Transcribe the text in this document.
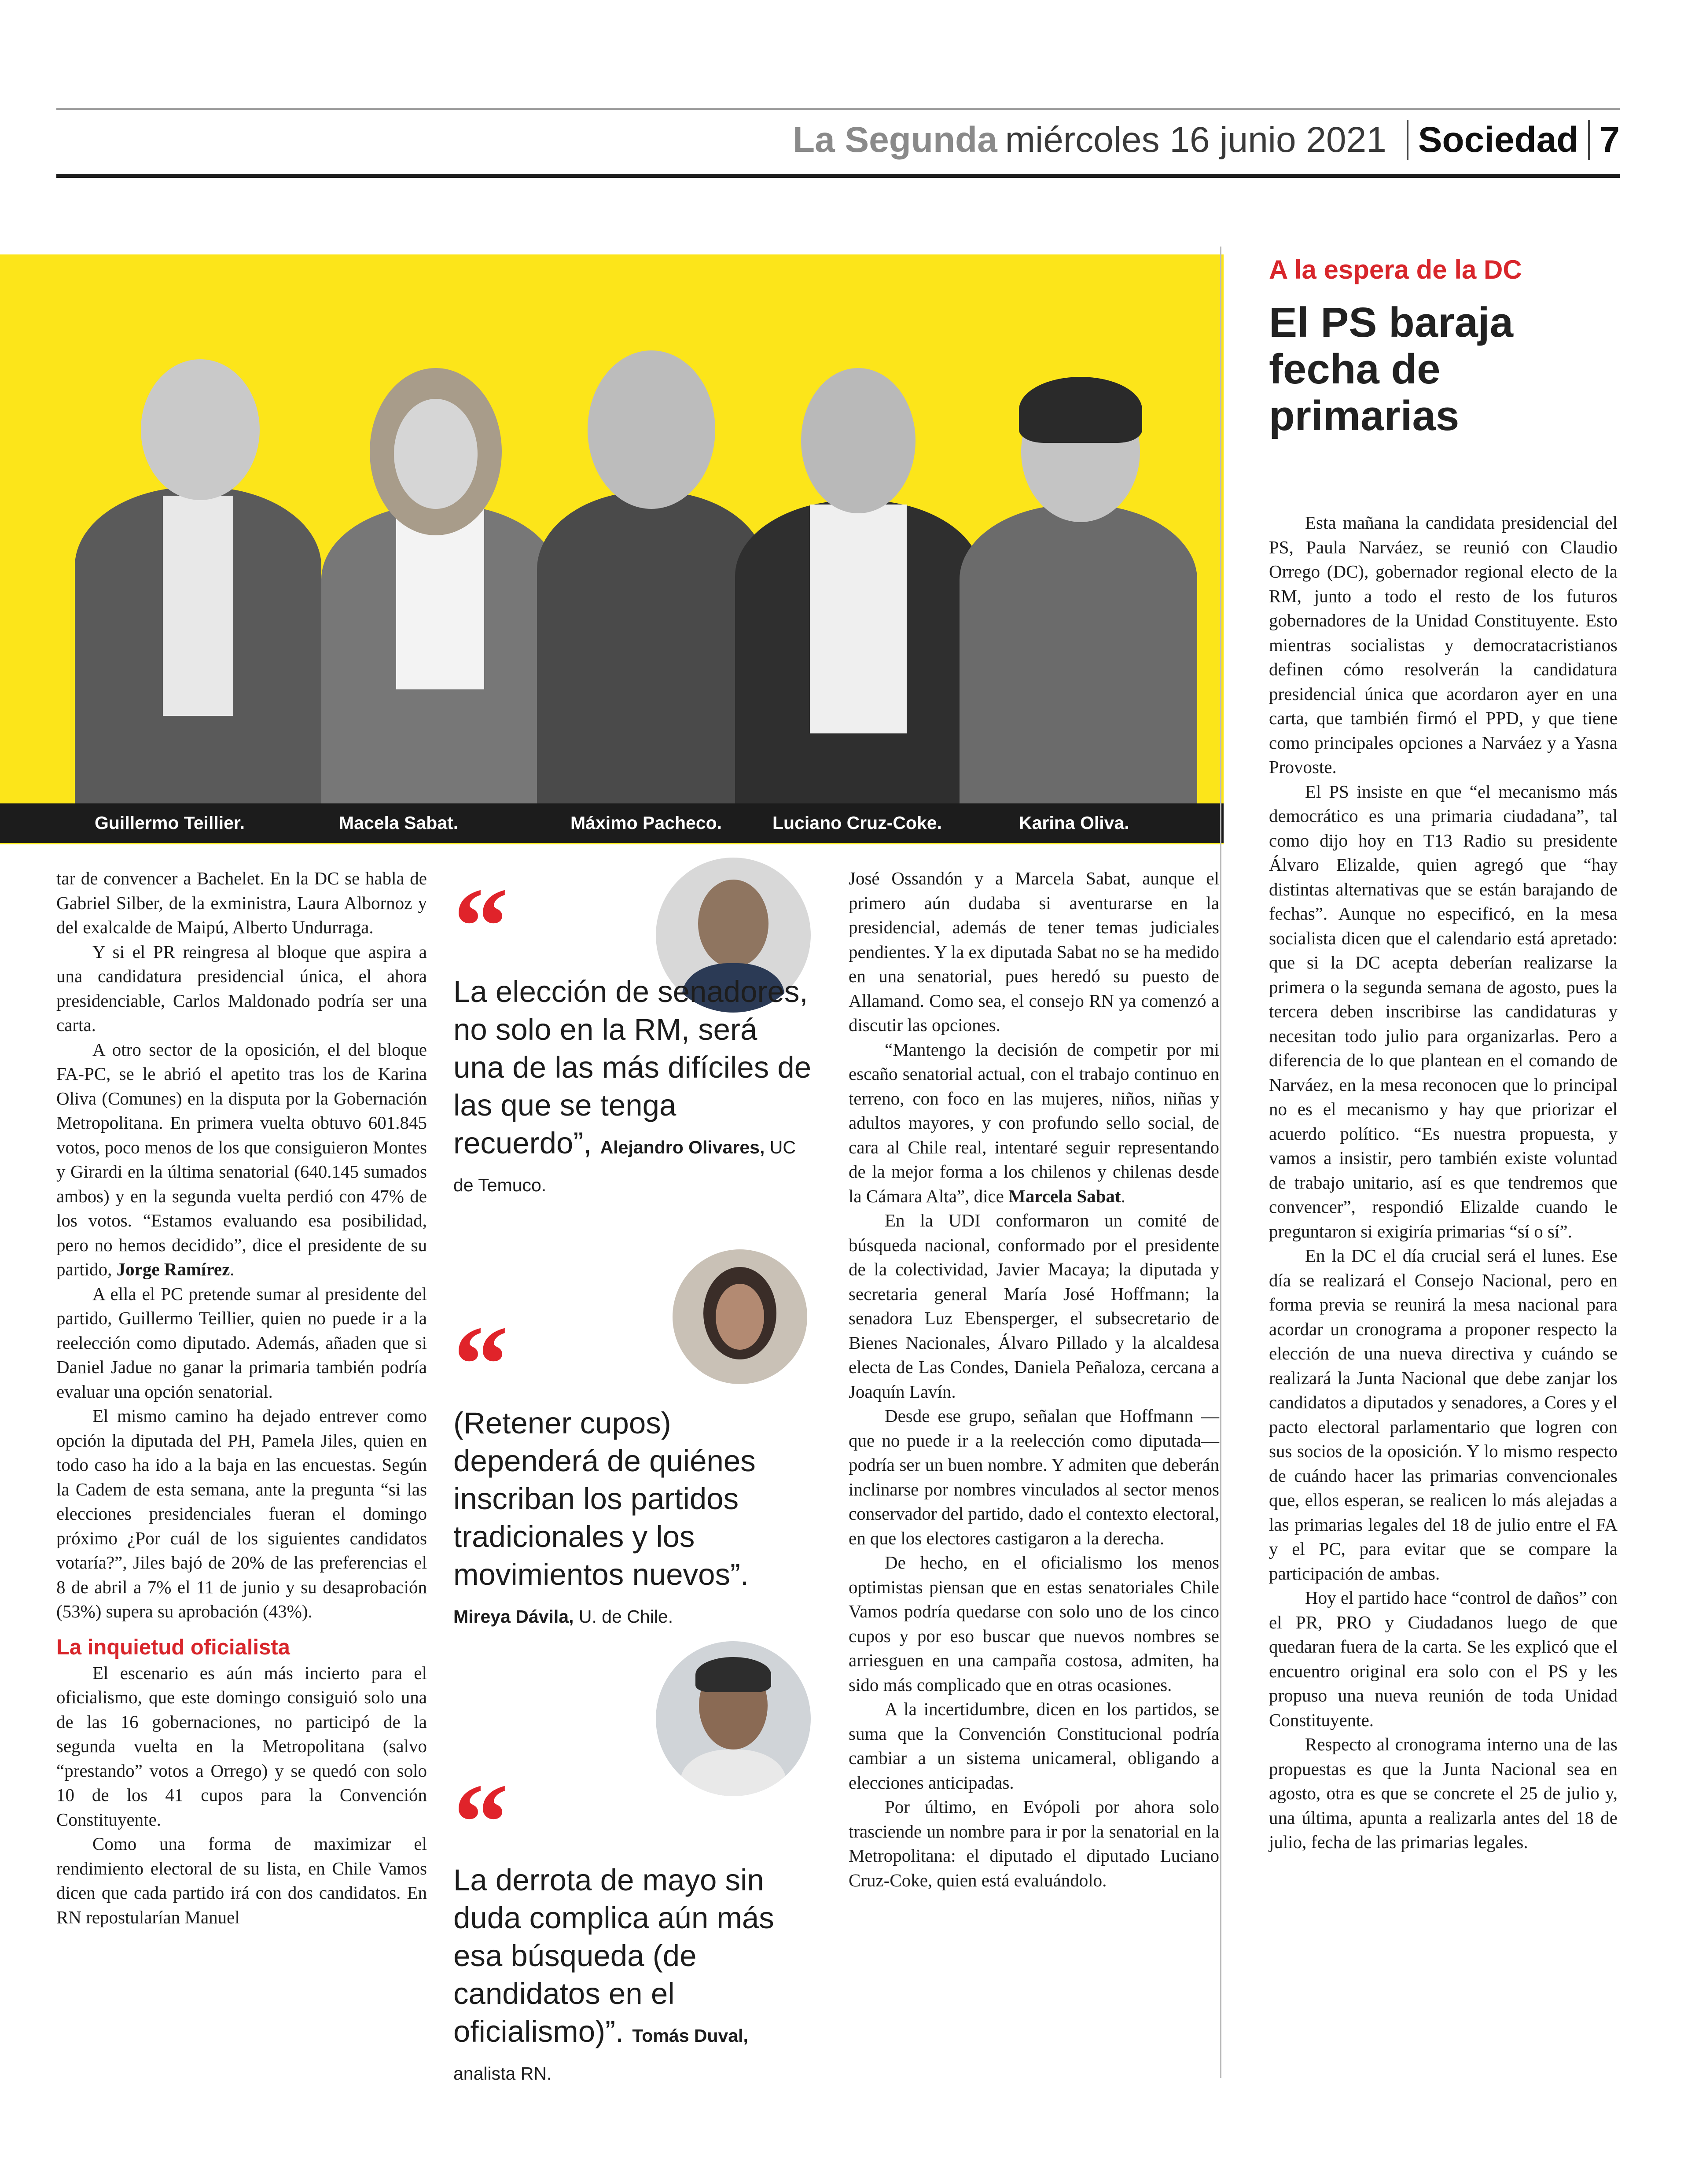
La Segunda miércoles 16 junio 2021 Sociedad 7
Guillermo Teillier.	Macela Sabat.	Máximo Pacheco.	Luciano Cruz-Coke.	Karina Oliva.

tar de convencer a Bachelet. En la DC se habla de Gabriel Silber, de la exministra, Laura Albornoz y del exalcalde de Maipú, Alberto Undurraga.

Y si el PR reingresa al bloque que aspira a una candidatura presidencial única, el ahora presidenciable, Carlos Maldonado podría ser una carta.

A otro sector de la oposición, el del bloque FA-PC, se le abrió el apetito tras los de Karina Oliva (Comunes) en la disputa por la Gobernación Metropolitana. En primera vuelta obtuvo 601.845 votos, poco menos de los que consiguieron Montes y Girardi en la última senatorial (640.145 sumados ambos) y en la segunda vuelta perdió con 47% de los votos. “Estamos evaluando esa posibilidad, pero no hemos decidido”, dice el presidente de su partido, Jorge Ramírez.

A ella el PC pretende sumar al presidente del partido, Guillermo Teillier, quien no puede ir a la reelección como diputado. Además, añaden que si Daniel Jadue no ganar la primaria también podría evaluar una opción senatorial.

El mismo camino ha dejado entrever como opción la diputada del PH, Pamela Jiles, quien en todo caso ha ido a la baja en las encuestas. Según la Cadem de esta semana, ante la pregunta “si las elecciones presidenciales fueran el domingo próximo ¿Por cuál de los siguientes candidatos votaría?”, Jiles bajó de 20% de las preferencias el 8 de abril a 7% el 11 de junio y su desaprobación (53%) supera su aprobación (43%).

La inquietud oficialista

El escenario es aún más incierto para el oficialismo, que este domingo consiguió solo una de las 16 gobernaciones, no participó de la segunda vuelta en la Metropolitana (salvo “prestando” votos a Orrego) y se quedó con solo 10 de los 41 cupos para la Convención Constituyente.

Como una forma de maximizar el rendimiento electoral de su lista, en Chile Vamos dicen que cada partido irá con dos candidatos. En RN repostularían Manuel

“
La elección de senadores, no solo en la RM, será una de las más difíciles de las que se tenga recuerdo”, Alejandro Olivares, UC de Temuco.
“
(Retener cupos) dependerá de quiénes inscriban los partidos tradicionales y los movimientos nuevos”.
Mireya Dávila, U. de Chile.
“
La derrota de mayo sin duda complica aún más esa búsqueda (de candidatos en el oficialismo)”. Tomás Duval, analista RN.

José Ossandón y a Marcela Sabat, aunque el primero aún dudaba si aventurarse en la presidencial, además de tener temas judiciales pendientes. Y la ex diputada Sabat no se ha medido en una senatorial, pues heredó su puesto de Allamand. Como sea, el consejo RN ya comenzó a discutir las opciones.

“Mantengo la decisión de competir por mi escaño senatorial actual, con el trabajo continuo en terreno, con foco en las mujeres, niños, niñas y adultos mayores, y con profundo sello social, de cara al Chile real, intentaré seguir representando de la mejor forma a los chilenos y chilenas desde la Cámara Alta”, dice Marcela Sabat.

En la UDI conformaron un comité de búsqueda nacional, conformado por el presidente de la colectividad, Javier Macaya; la diputada y secretaria general María José Hoffmann; la senadora Luz Ebensperger, el subsecretario de Bienes Nacionales, Álvaro Pillado y la alcaldesa electa de Las Condes, Daniela Peñaloza, cercana a Joaquín Lavín.

Desde ese grupo, señalan que Hoffmann —que no puede ir a la reelección como diputada— podría ser un buen nombre. Y admiten que deberán inclinarse por nombres vinculados al sector menos conservador del partido, dado el contexto electoral, en que los electores castigaron a la derecha.

De hecho, en el oficialismo los menos optimistas piensan que en estas senatoriales Chile Vamos podría quedarse con solo uno de los cinco cupos y por eso buscar que nuevos nombres se arriesguen en una campaña costosa, admiten, ha sido más complicado que en otras ocasiones.

A la incertidumbre, dicen en los partidos, se suma que la Convención Constitucional podría cambiar a un sistema unicameral, obligando a elecciones anticipadas.

Por último, en Evópoli por ahora solo trasciende un nombre para ir por la senatorial en la Metropolitana: el diputado el diputado Luciano Cruz-Coke, quien está evaluándolo.

A la espera de la DC
El PS baraja fecha de primarias

Esta mañana la candidata presidencial del PS, Paula Narváez, se reunió con Claudio Orrego (DC), gobernador regional electo de la RM, junto a todo el resto de los futuros gobernadores de la Unidad Constituyente. Esto mientras socialistas y democratacristianos definen cómo resolverán la candidatura presidencial única que acordaron ayer en una carta, que también firmó el PPD, y que tiene como principales opciones a Narváez y a Yasna Provoste.

El PS insiste en que “el mecanismo más democrático es una primaria ciudadana”, tal como dijo hoy en T13 Radio su presidente Álvaro Elizalde, quien agregó que “hay distintas alternativas que se están barajando de fechas”. Aunque no especificó, en la mesa socialista dicen que el calendario está apretado: que si la DC acepta deberían realizarse la primera o la segunda semana de agosto, pues la tercera deben inscribirse las candidaturas y necesitan todo julio para organizarlas. Pero a diferencia de lo que plantean en el comando de Narváez, en la mesa reconocen que lo principal no es el mecanismo y hay que priorizar el acuerdo político. “Es nuestra propuesta, y vamos a insistir, pero también existe voluntad de trabajo unitario, así es que tendremos que convencer”, respondió Elizalde cuando le preguntaron si exigiría primarias “sí o sí”.

En la DC el día crucial será el lunes. Ese día se realizará el Consejo Nacional, pero en forma previa se reunirá la mesa nacional para acordar un cronograma a proponer respecto la elección de una nueva directiva y cuándo se realizará la Junta Nacional que debe zanjar los candidatos a diputados y senadores, a Cores y el pacto electoral parlamentario que logren con sus socios de la oposición. Y lo mismo respecto de cuándo hacer las primarias convencionales que, ellos esperan, se realicen lo más alejadas a las primarias legales del 18 de julio entre el FA y el PC, para evitar que se compare la participación de ambas.

Hoy el partido hace “control de daños” con el PR, PRO y Ciudadanos luego de que quedaran fuera de la carta. Se les explicó que el encuentro original era solo con el PS y les propuso una nueva reunión de toda Unidad Constituyente.

Respecto al cronograma interno una de las propuestas es que la Junta Nacional sea en agosto, otra es que se concrete el 25 de julio y, una última, apunta a realizarla antes del 18 de julio, fecha de las primarias legales.
